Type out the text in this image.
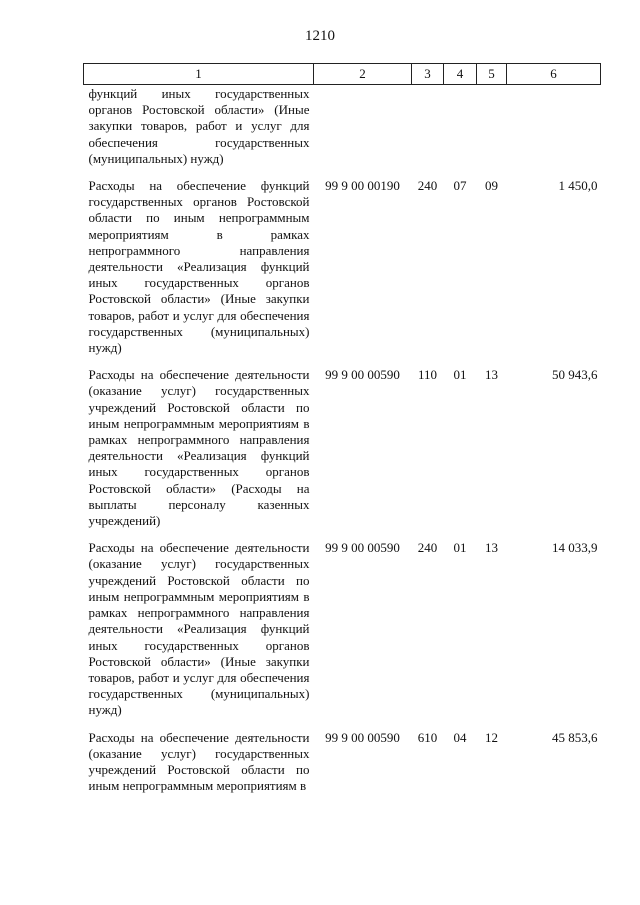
1210
1	2	3	4	5	6
функций иных государственных органов Ростовской области» (Иные закупки товаров, работ и услуг для обеспечения государственных (муниципальных) нужд)					
Расходы на обеспечение функций государственных органов Ростовской области по иным непрограммным мероприятиям в рамках непрограммного направления деятельности «Реализация функций иных государственных органов Ростовской области» (Иные закупки товаров, работ и услуг для обеспечения государственных (муниципальных) нужд)	99 9 00 00190	240	07	09	1 450,0
Расходы на обеспечение деятельности (оказание услуг) государственных учреждений Ростовской области по иным непрограммным мероприятиям в рамках непрограммного направления деятельности «Реализация функций иных государственных органов Ростовской области» (Расходы на выплаты персоналу казенных учреждений)	99 9 00 00590	110	01	13	50 943,6
Расходы на обеспечение деятельности (оказание услуг) государственных учреждений Ростовской области по иным непрограммным мероприятиям в рамках непрограммного направления деятельности «Реализация функций иных государственных органов Ростовской области» (Иные закупки товаров, работ и услуг для обеспечения государственных (муниципальных) нужд)	99 9 00 00590	240	01	13	14 033,9
Расходы на обеспечение деятельности (оказание услуг) государственных учреждений Ростовской области по иным непрограммным мероприятиям в	99 9 00 00590	610	04	12	45 853,6
